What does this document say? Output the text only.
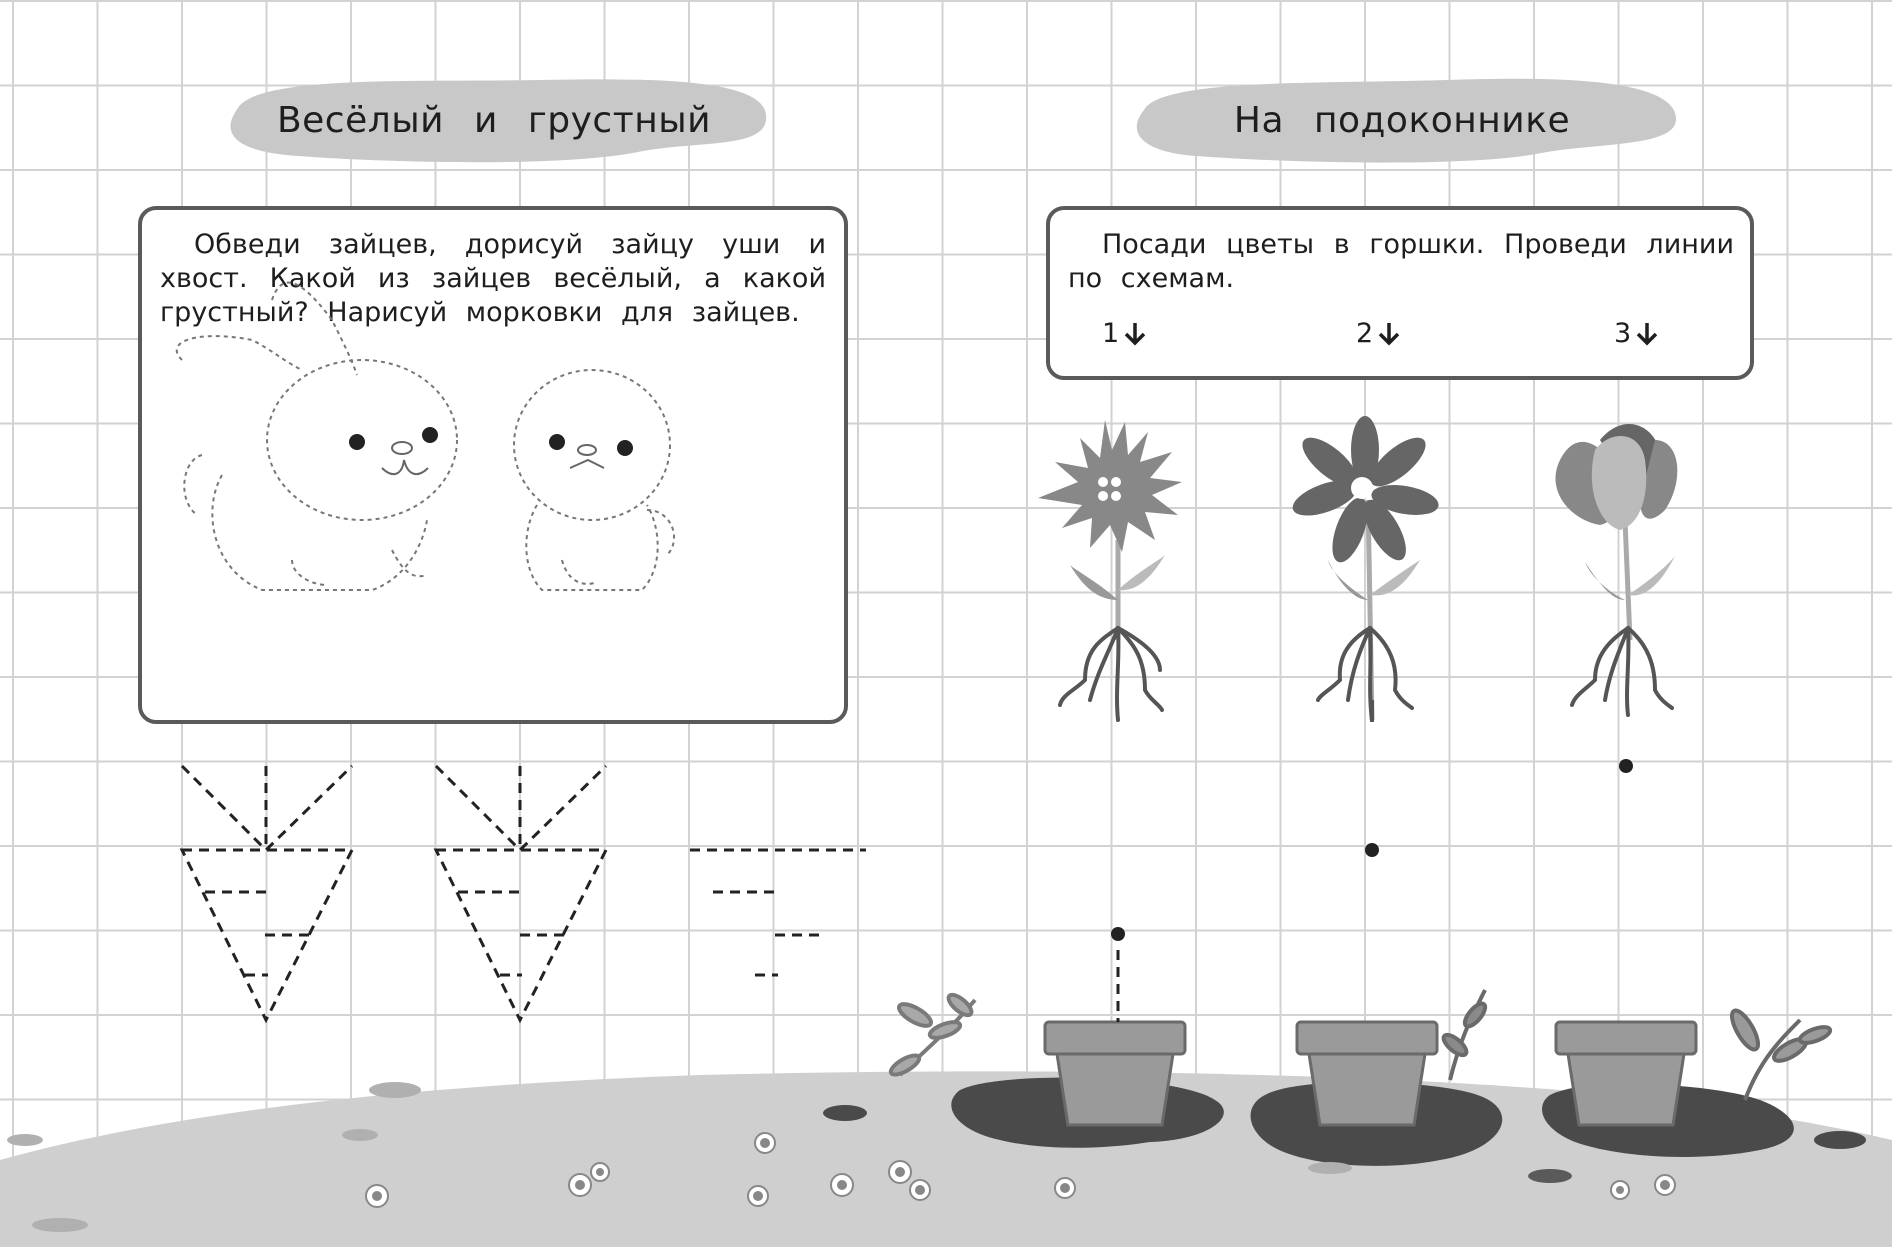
Весёлый и грустный
Обведи зайцев, дорисуй зайцу уши и хвост. Какой из зайцев весёлый, а какой грустный? Нарисуй морковки для зайцев.
На подоконнике
Посади цветы в горшки. Проведи линии по схемам.
1	2	3
